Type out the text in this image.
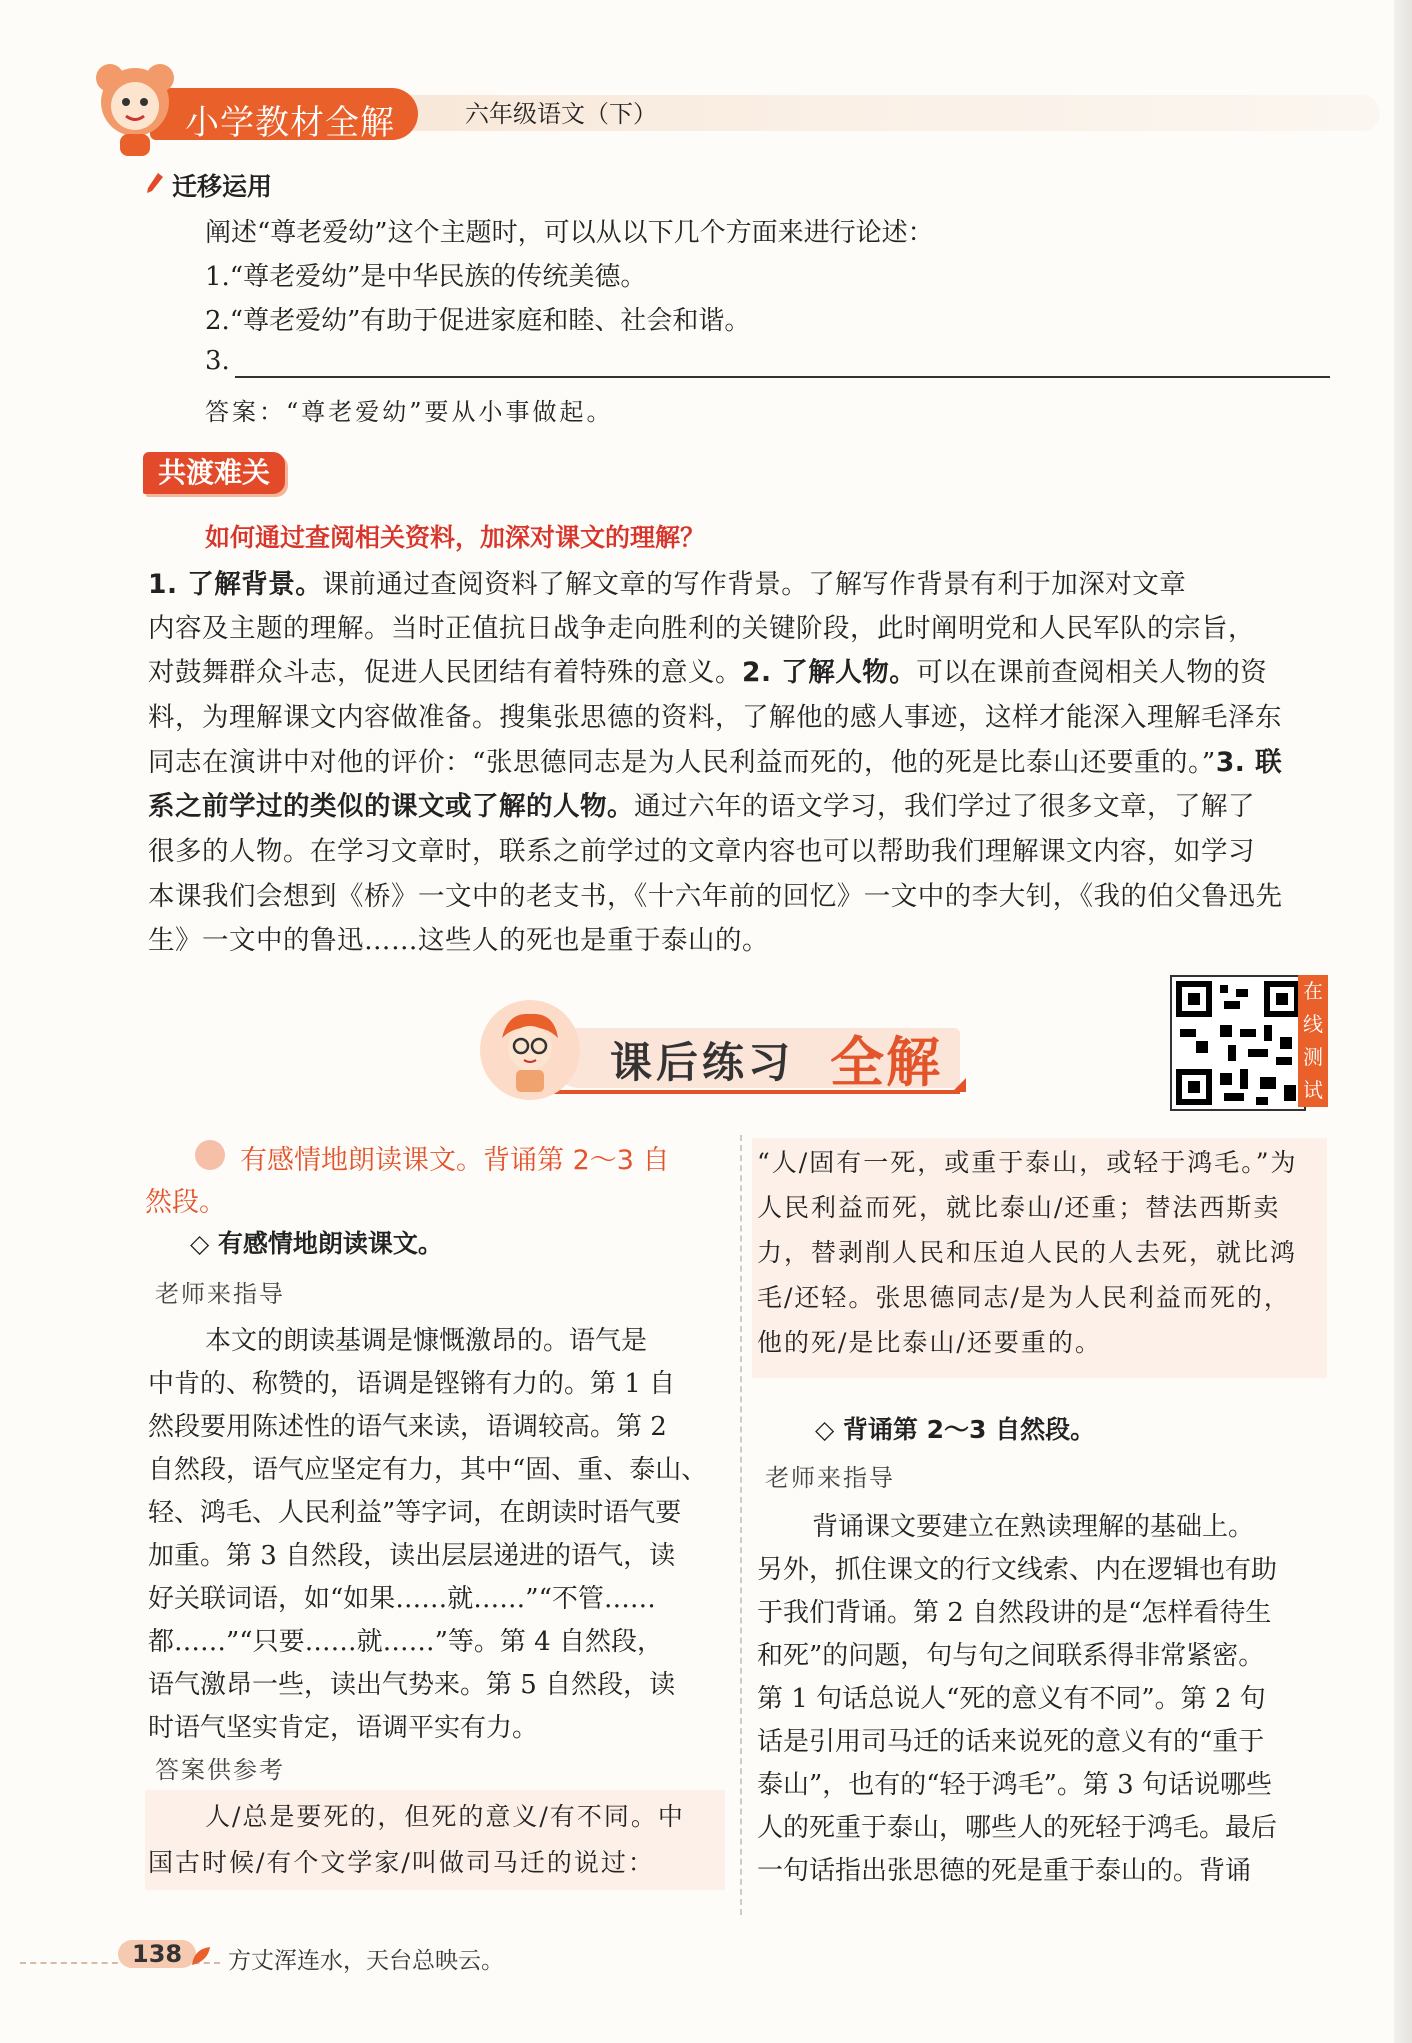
小学教材全解	六年级语文（下）
迁移运用
阐述“尊老爱幼”这个主题时，可以从以下几个方面来进行论述：
1.“尊老爱幼”是中华民族的传统美德。
2.“尊老爱幼”有助于促进家庭和睦、社会和谐。
3.
答案：“尊老爱幼”要从小事做起。
共渡难关
如何通过查阅相关资料，加深对课文的理解？
1. 了解背景。课前通过查阅资料了解文章的写作背景。了解写作背景有利于加深对文章
内容及主题的理解。当时正值抗日战争走向胜利的关键阶段，此时阐明党和人民军队的宗旨，
对鼓舞群众斗志，促进人民团结有着特殊的意义。2. 了解人物。可以在课前查阅相关人物的资
料，为理解课文内容做准备。搜集张思德的资料，了解他的感人事迹，这样才能深入理解毛泽东
同志在演讲中对他的评价：“张思德同志是为人民利益而死的，他的死是比泰山还要重的。”3. 联
系之前学过的类似的课文或了解的人物。通过六年的语文学习，我们学过了很多文章，了解了
很多的人物。在学习文章时，联系之前学过的文章内容也可以帮助我们理解课文内容，如学习
本课我们会想到《桥》一文中的老支书，《十六年前的回忆》一文中的李大钊，《我的伯父鲁迅先
生》一文中的鲁迅……这些人的死也是重于泰山的。
课后练习 全解
在
线
测
试
有感情地朗读课文。背诵第 2～3 自
然段。
◇ 有感情地朗读课文。
老师来指导
本文的朗读基调是慷慨激昂的。语气是
中肯的、称赞的，语调是铿锵有力的。第 1 自
然段要用陈述性的语气来读，语调较高。第 2
自然段，语气应坚定有力，其中“固、重、泰山、
轻、鸿毛、人民利益”等字词，在朗读时语气要
加重。第 3 自然段，读出层层递进的语气，读
好关联词语，如“如果……就……”“不管……
都……”“只要……就……”等。第 4 自然段，
语气激昂一些，读出气势来。第 5 自然段，读
时语气坚实肯定，语调平实有力。
答案供参考
人/总是要死的，但死的意义/有不同。中
国古时候/有个文学家/叫做司马迁的说过：
“人/固有一死，或重于泰山，或轻于鸿毛。”为
人民利益而死，就比泰山/还重；替法西斯卖
力，替剥削人民和压迫人民的人去死，就比鸿
毛/还轻。张思德同志/是为人民利益而死的，
他的死/是比泰山/还要重的。
◇ 背诵第 2～3 自然段。
老师来指导
背诵课文要建立在熟读理解的基础上。
另外，抓住课文的行文线索、内在逻辑也有助
于我们背诵。第 2 自然段讲的是“怎样看待生
和死”的问题，句与句之间联系得非常紧密。
第 1 句话总说人“死的意义有不同”。第 2 句
话是引用司马迁的话来说死的意义有的“重于
泰山”，也有的“轻于鸿毛”。第 3 句话说哪些
人的死重于泰山，哪些人的死轻于鸿毛。最后
一句话指出张思德的死是重于泰山的。背诵
138	方丈浑连水，天台总映云。
